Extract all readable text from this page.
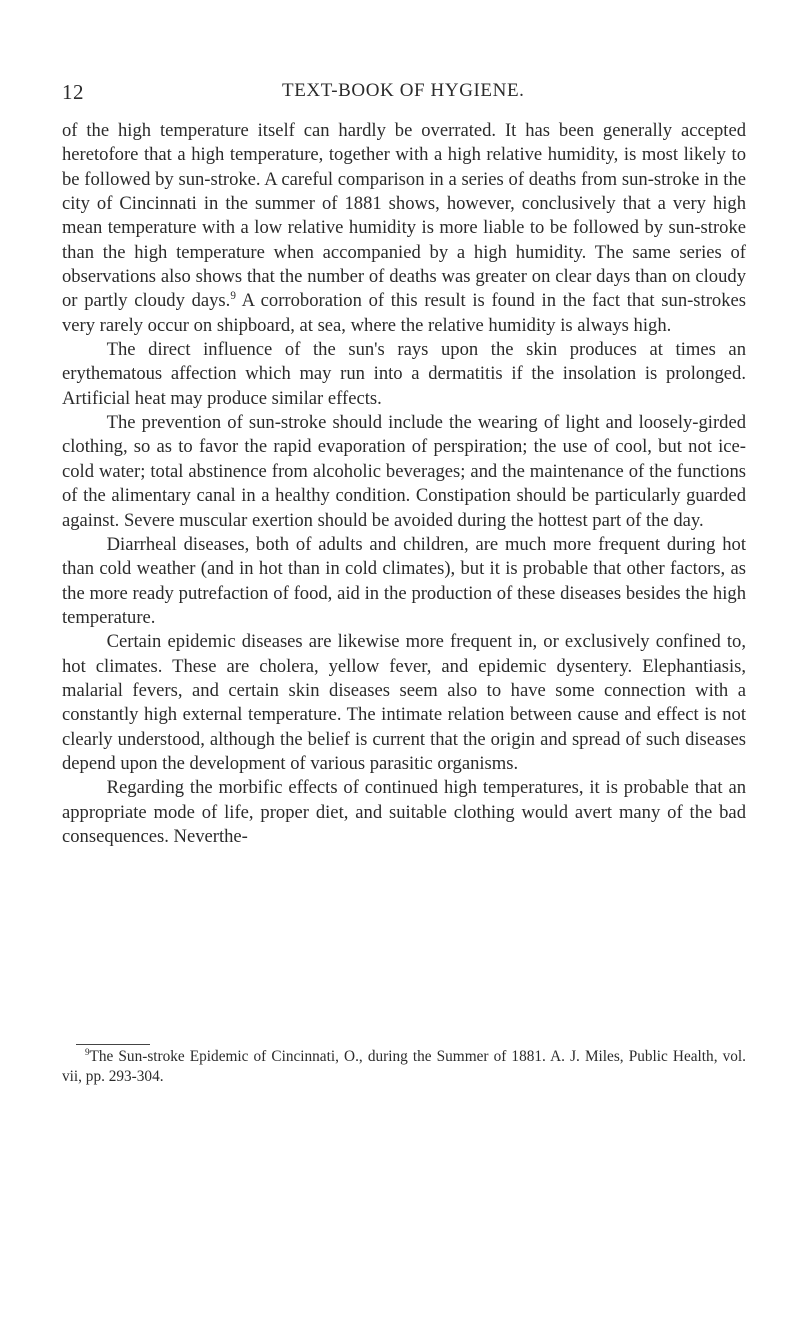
12	TEXT-BOOK OF HYGIENE.

of the high temperature itself can hardly be overrated. It has been generally accepted heretofore that a high temperature, together with a high relative humidity, is most likely to be followed by sun-stroke. A careful comparison in a series of deaths from sun-stroke in the city of Cincinnati in the summer of 1881 shows, however, conclusively that a very high mean temperature with a low relative humidity is more liable to be followed by sun-stroke than the high temperature when accompanied by a high humidity. The same series of observations also shows that the number of deaths was greater on clear days than on cloudy or partly cloudy days.$^9$ A corroboration of this result is found in the fact that sun-strokes very rarely occur on shipboard, at sea, where the relative humidity is always high.

The direct influence of the sun's rays upon the skin produces at times an erythematous affection which may run into a dermatitis if the insolation is prolonged. Artificial heat may produce similar effects.

The prevention of sun-stroke should include the wearing of light and loosely-girded clothing, so as to favor the rapid evaporation of perspiration; the use of cool, but not ice-cold water; total abstinence from alcoholic beverages; and the maintenance of the functions of the alimentary canal in a healthy condition. Constipation should be particularly guarded against. Severe muscular exertion should be avoided during the hottest part of the day.

Diarrheal diseases, both of adults and children, are much more frequent during hot than cold weather (and in hot than in cold climates), but it is probable that other factors, as the more ready putrefaction of food, aid in the production of these diseases besides the high temperature.

Certain epidemic diseases are likewise more frequent in, or exclusively confined to, hot climates. These are cholera, yellow fever, and epidemic dysentery. Elephantiasis, malarial fevers, and certain skin diseases seem also to have some connection with a constantly high external temperature. The intimate relation between cause and effect is not clearly understood, although the belief is current that the origin and spread of such diseases depend upon the development of various parasitic organisms.

Regarding the morbific effects of continued high temperatures, it is probable that an appropriate mode of life, proper diet, and suitable clothing would avert many of the bad consequences. Neverthe-

$^9$The Sun-stroke Epidemic of Cincinnati, O., during the Summer of 1881. A. J. Miles, Public Health, vol. vii, pp. 293-304.
